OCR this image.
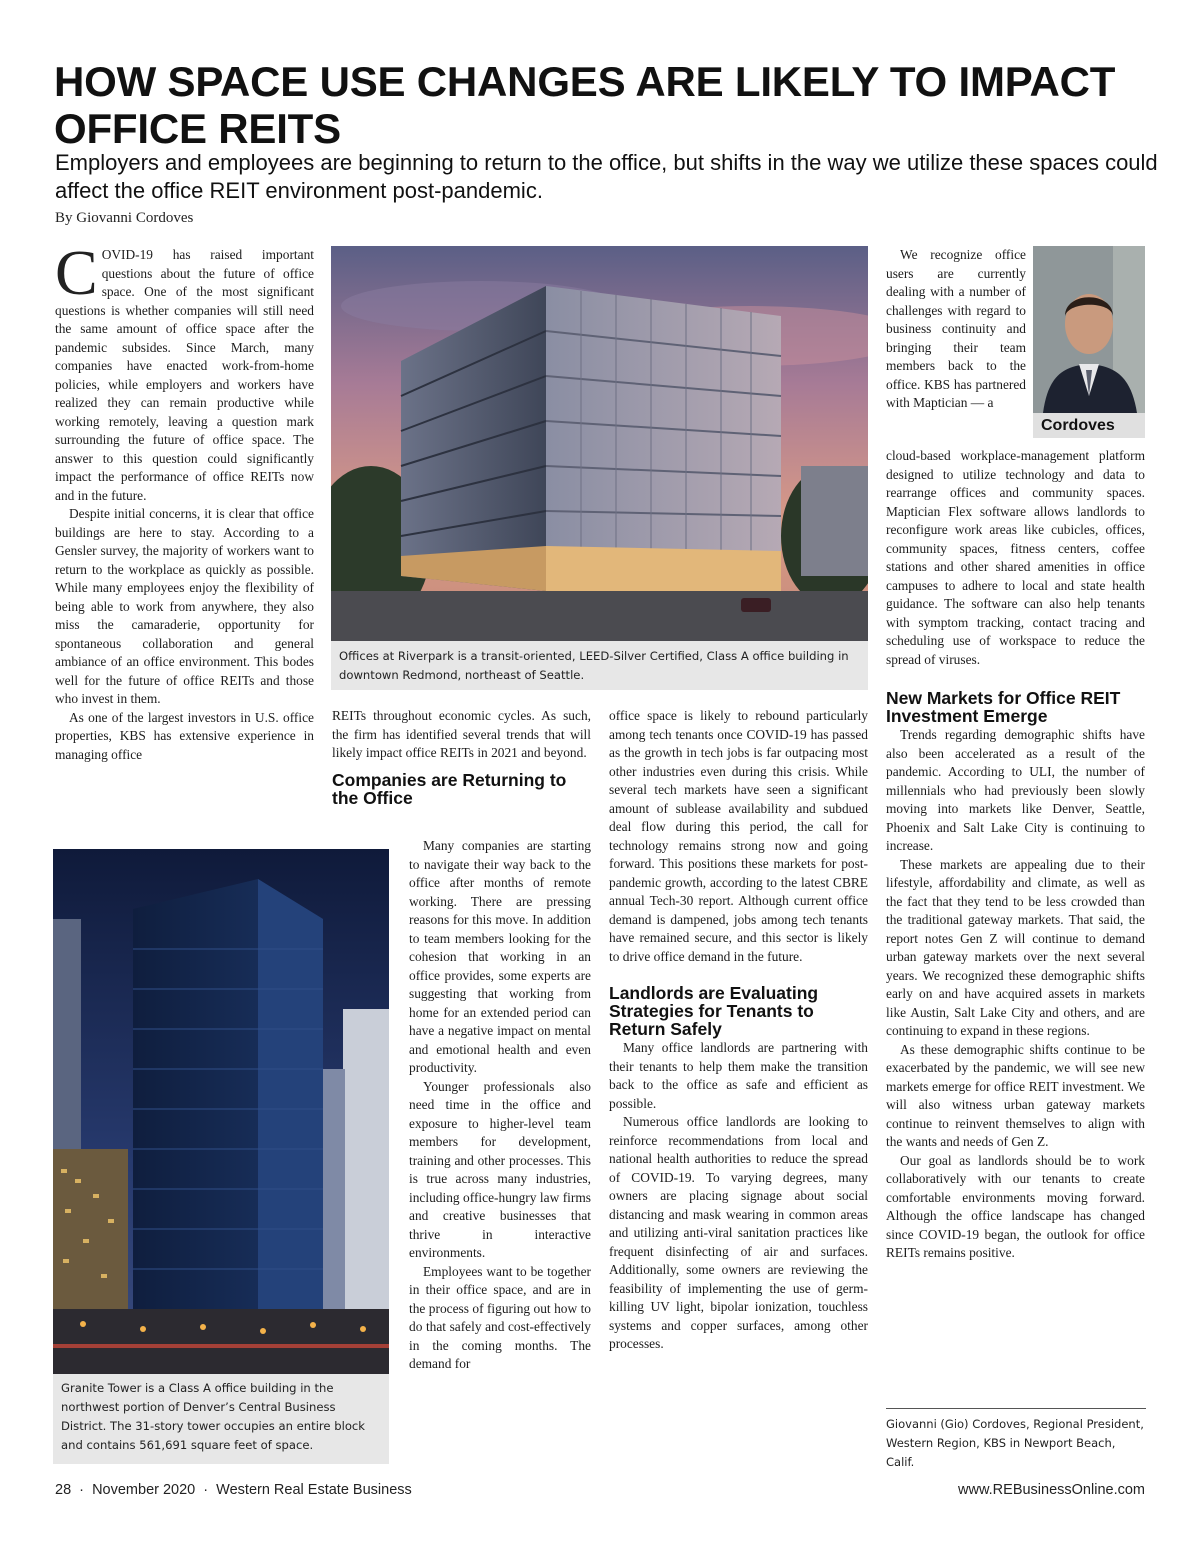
HOW SPACE USE CHANGES ARE LIKELY TO IMPACT OFFICE REITS
Employers and employees are beginning to return to the office, but shifts in the way we utilize these spaces could affect the office REIT environment post-pandemic.
By Giovanni Cordoves
C OVID-19 has raised important questions about the future of office space. One of the most significant questions is whether companies will still need the same amount of office space after the pandemic subsides. Since March, many companies have enacted work-from-home policies, while employers and workers have realized they can remain productive while working remotely, leaving a question mark surrounding the future of office space. The answer to this question could significantly impact the performance of office REITs now and in the future.

Despite initial concerns, it is clear that office buildings are here to stay. According to a Gensler survey, the majority of workers want to return to the workplace as quickly as possible. While many employees enjoy the flexibility of being able to work from anywhere, they also miss the camaraderie, opportunity for spontaneous collaboration and general ambiance of an office environment. This bodes well for the future of office REITs and those who invest in them.

As one of the largest investors in U.S. office properties, KBS has extensive experience in managing office

Offices at Riverpark is a transit-oriented, LEED-Silver Certified, Class A office building in downtown Redmond, northeast of Seattle.

REITs throughout economic cycles. As such, the firm has identified several trends that will likely impact office REITs in 2021 and beyond.

Companies are Returning to the Office

Many companies are starting to navigate their way back to the office after months of remote working. There are pressing reasons for this move. In addition to team members looking for the cohesion that working in an office provides, some experts are suggesting that working from home for an extended period can have a negative impact on mental and emotional health and even productivity.

Younger professionals also need time in the office and exposure to higher-level team members for development, training and other processes. This is true across many industries, including office-hungry law firms and creative businesses that thrive in interactive environments.

Employees want to be together in their office space, and are in the process of figuring out how to do that safely and cost-effectively in the coming months. The demand for

Granite Tower is a Class A office building in the northwest portion of Denver’s Central Business District. The 31-story tower occupies an entire block and contains 561,691 square feet of space.

office space is likely to rebound particularly among tech tenants once COVID-19 has passed as the growth in tech jobs is far outpacing most other industries even during this crisis. While several tech markets have seen a significant amount of sublease availability and subdued deal flow during this period, the call for technology remains strong now and going forward. This positions these markets for post-pandemic growth, according to the latest CBRE annual Tech-30 report. Although current office demand is dampened, jobs among tech tenants have remained secure, and this sector is likely to drive office demand in the future.

Landlords are Evaluating Strategies for Tenants to Return Safely

Many office landlords are partnering with their tenants to help them make the transition back to the office as safe and efficient as possible.

Numerous office landlords are looking to reinforce recommendations from local and national health authorities to reduce the spread of COVID-19. To varying degrees, many owners are placing signage about social distancing and mask wearing in common areas and utilizing anti-viral sanitation practices like frequent disinfecting of air and surfaces. Additionally, some owners are reviewing the feasibility of implementing the use of germ-killing UV light, bipolar ionization, touchless systems and copper surfaces, among other processes.

Cordoves

We recognize office users are currently dealing with a number of challenges with regard to business continuity and bringing their team members back to the office. KBS has partnered with Maptician — a

cloud-based workplace-management platform designed to utilize technology and data to rearrange offices and community spaces. Maptician Flex software allows landlords to reconfigure work areas like cubicles, offices, community spaces, fitness centers, coffee stations and other shared amenities in office campuses to adhere to local and state health guidance. The software can also help tenants with symptom tracking, contact tracing and scheduling use of workspace to reduce the spread of viruses.

New Markets for Office REIT Investment Emerge

Trends regarding demographic shifts have also been accelerated as a result of the pandemic. According to ULI, the number of millennials who had previously been slowly moving into markets like Denver, Seattle, Phoenix and Salt Lake City is continuing to increase.

These markets are appealing due to their lifestyle, affordability and climate, as well as the fact that they tend to be less crowded than the traditional gateway markets. That said, the report notes Gen Z will continue to demand urban gateway markets over the next several years. We recognized these demographic shifts early on and have acquired assets in markets like Austin, Salt Lake City and others, and are continuing to expand in these regions.

As these demographic shifts continue to be exacerbated by the pandemic, we will see new markets emerge for office REIT investment. We will also witness urban gateway markets continue to reinvent themselves to align with the wants and needs of Gen Z.

Our goal as landlords should be to work collaboratively with our tenants to create comfortable environments moving forward. Although the office landscape has changed since COVID-19 began, the outlook for office REITs remains positive.

Giovanni (Gio) Cordoves, Regional President, Western Region, KBS in Newport Beach, Calif.
28  ·  November 2020  ·  Western Real Estate Business	www.REBusinessOnline.com
